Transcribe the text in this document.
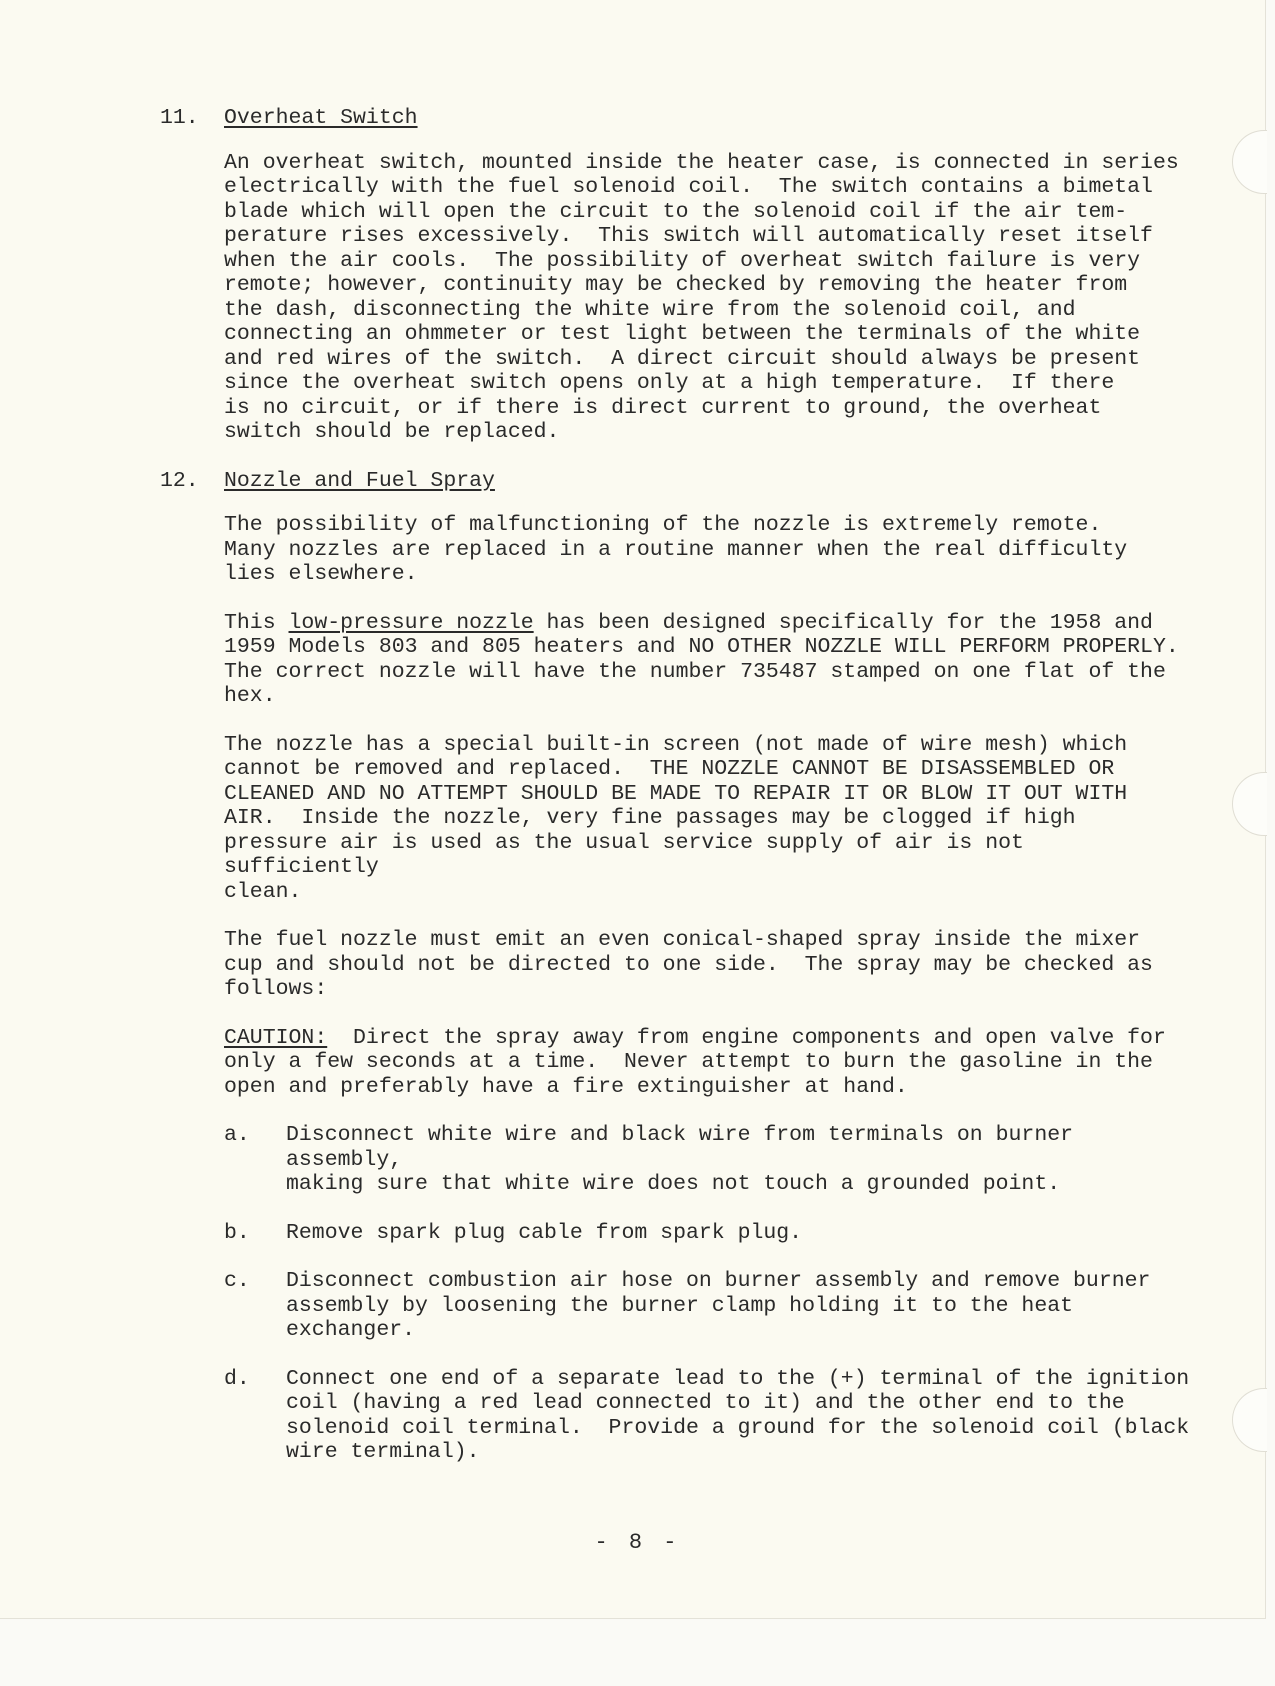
11.	Overheat Switch

An overheat switch, mounted inside the heater case, is connected in series
electrically with the fuel solenoid coil.  The switch contains a bimetal
blade which will open the circuit to the solenoid coil if the air tem-
perature rises excessively.  This switch will automatically reset itself
when the air cools.  The possibility of overheat switch failure is very
remote; however, continuity may be checked by removing the heater from
the dash, disconnecting the white wire from the solenoid coil, and
connecting an ohmmeter or test light between the terminals of the white
and red wires of the switch.  A direct circuit should always be present
since the overheat switch opens only at a high temperature.  If there
is no circuit, or if there is direct current to ground, the overheat
switch should be replaced.

12.	Nozzle and Fuel Spray

The possibility of malfunctioning of the nozzle is extremely remote.
Many nozzles are replaced in a routine manner when the real difficulty
lies elsewhere.

This low-pressure nozzle has been designed specifically for the 1958 and
1959 Models 803 and 805 heaters and NO OTHER NOZZLE WILL PERFORM PROPERLY.
The correct nozzle will have the number 735487 stamped on one flat of the
hex.

The nozzle has a special built-in screen (not made of wire mesh) which
cannot be removed and replaced.  THE NOZZLE CANNOT BE DISASSEMBLED OR
CLEANED AND NO ATTEMPT SHOULD BE MADE TO REPAIR IT OR BLOW IT OUT WITH
AIR.  Inside the nozzle, very fine passages may be clogged if high
pressure air is used as the usual service supply of air is not sufficiently
clean.

The fuel nozzle must emit an even conical-shaped spray inside the mixer
cup and should not be directed to one side.  The spray may be checked as
follows:

CAUTION:  Direct the spray away from engine components and open valve for
only a few seconds at a time.  Never attempt to burn the gasoline in the
open and preferably have a fire extinguisher at hand.

a.	Disconnect white wire and black wire from terminals on burner assembly,
making sure that white wire does not touch a grounded point.
b.	Remove spark plug cable from spark plug.
c.	Disconnect combustion air hose on burner assembly and remove burner
assembly by loosening the burner clamp holding it to the heat exchanger.
d.	Connect one end of a separate lead to the (+) terminal of the ignition
coil (having a red lead connected to it) and the other end to the
solenoid coil terminal.  Provide a ground for the solenoid coil (black
wire terminal).
- 8 -
